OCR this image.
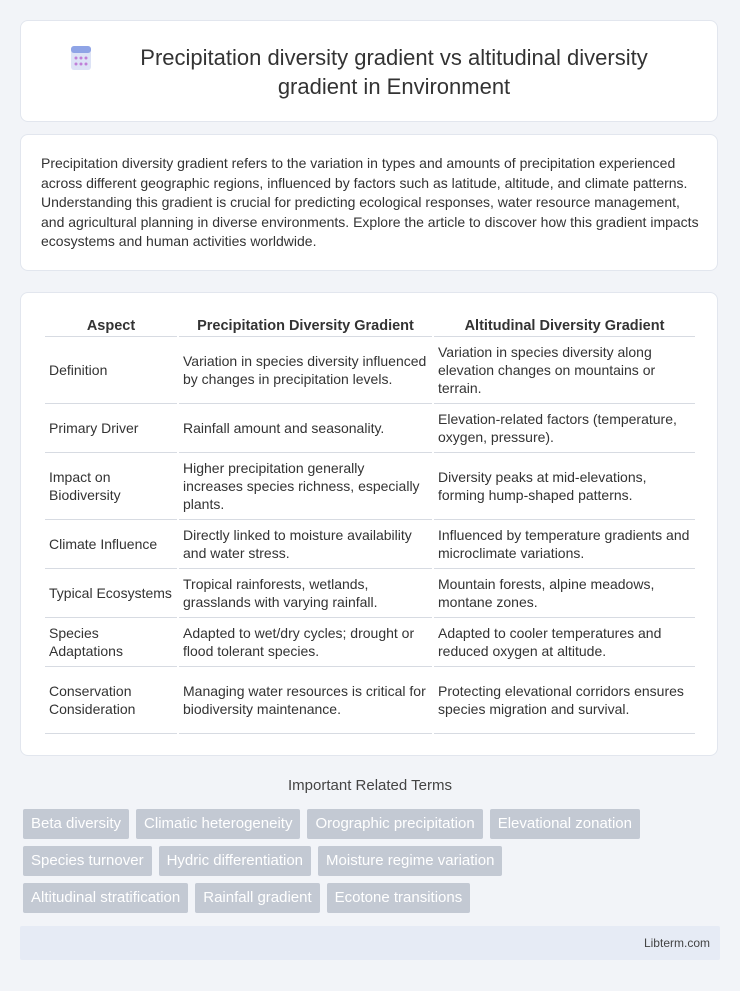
Precipitation diversity gradient vs altitudinal diversity gradient in Environment

Precipitation diversity gradient refers to the variation in types and amounts of precipitation experienced across different geographic regions, influenced by factors such as latitude, altitude, and climate patterns. Understanding this gradient is crucial for predicting ecological responses, water resource management, and agricultural planning in diverse environments. Explore the article to discover how this gradient impacts ecosystems and human activities worldwide.

Aspect	Precipitation Diversity Gradient	Altitudinal Diversity Gradient
Definition	Variation in species diversity influenced by changes in precipitation levels.	Variation in species diversity along elevation changes on mountains or terrain.
Primary Driver	Rainfall amount and seasonality.	Elevation-related factors (temperature, oxygen, pressure).
Impact on Biodiversity	Higher precipitation generally increases species richness, especially plants.	Diversity peaks at mid-elevations, forming hump-shaped patterns.
Climate Influence	Directly linked to moisture availability and water stress.	Influenced by temperature gradients and microclimate variations.
Typical Ecosystems	Tropical rainforests, wetlands, grasslands with varying rainfall.	Mountain forests, alpine meadows, montane zones.
Species Adaptations	Adapted to wet/dry cycles; drought or flood tolerant species.	Adapted to cooler temperatures and reduced oxygen at altitude.
Conservation Consideration	Managing water resources is critical for biodiversity maintenance.	Protecting elevational corridors ensures species migration and survival.
Important Related Terms
Beta diversity	Climatic heterogeneity	Orographic precipitation	Elevational zonation
Species turnover	Hydric differentiation	Moisture regime variation
Altitudinal stratification	Rainfall gradient	Ecotone transitions
Libterm.com
